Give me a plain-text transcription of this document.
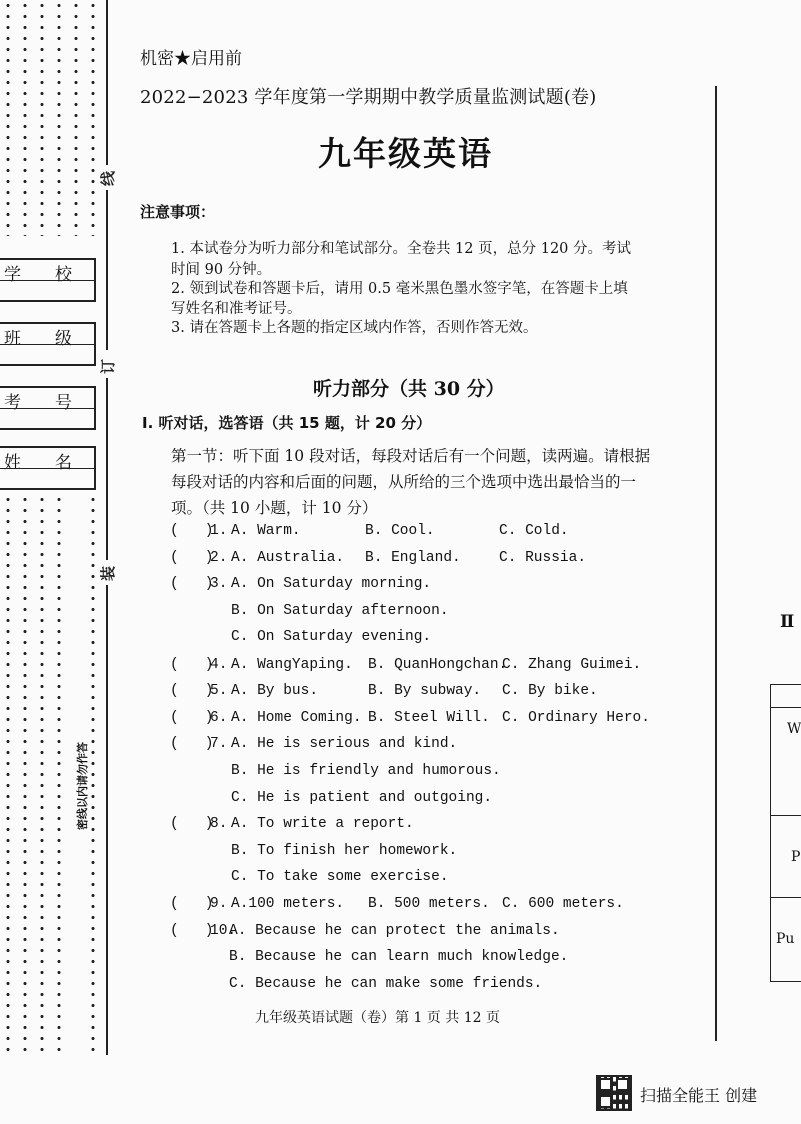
线
订
装
学　　校
班　　级
考　　号
姓　　名
密线以内请勿作答
机密★启用前
2022−2023 学年度第一学期期中教学质量监测试题(卷)
九年级英语
注意事项：
1. 本试卷分为听力部分和笔试部分。全卷共 12 页，总分 120 分。考试
时间 90 分钟。
2. 领到试卷和答题卡后，请用 0.5 毫米黑色墨水签字笔，在答题卡上填
写姓名和准考证号。
3. 请在答题卡上各题的指定区域内作答，否则作答无效。
听力部分（共 30 分）
Ⅰ. 听对话，选答语（共 15 题，计 20 分）
第一节：听下面 10 段对话，每段对话后有一个问题，读两遍。请根据
每段对话的内容和后面的问题，从所给的三个选项中选出最恰当的一
项。（共 10 小题，计 10 分）
(   )1. A. Warm.	B. Cool.	C. Cold.
(   )2. A. Australia. B. England.	C. Russia.
(   )3. A. On Saturday morning.
B. On Saturday afternoon.
C. On Saturday evening.
(   )4. A. WangYaping. B. QuanHongchan.
C. Zhang Guimei.
(   )5. A. By bus.	B. By subway. C. By bike.
(   )6. A. Home Coming. B. Steel Will. C. Ordinary Hero.
(   )7. A. He is serious and kind.
B. He is friendly and humorous.
C. He is patient and outgoing.
(   )8. A. To write a report.
B. To finish her homework.
C. To take some exercise.
(   )9. A.100 meters. B. 500 meters. C. 600 meters.
(   )10.
A. Because he can protect the animals.
B. Because he can learn much knowledge.
C. Because he can make some friends.
九年级英语试题（卷）第 1 页 共 12 页
Ⅱ
W
P
Pu
扫描全能王 创建
